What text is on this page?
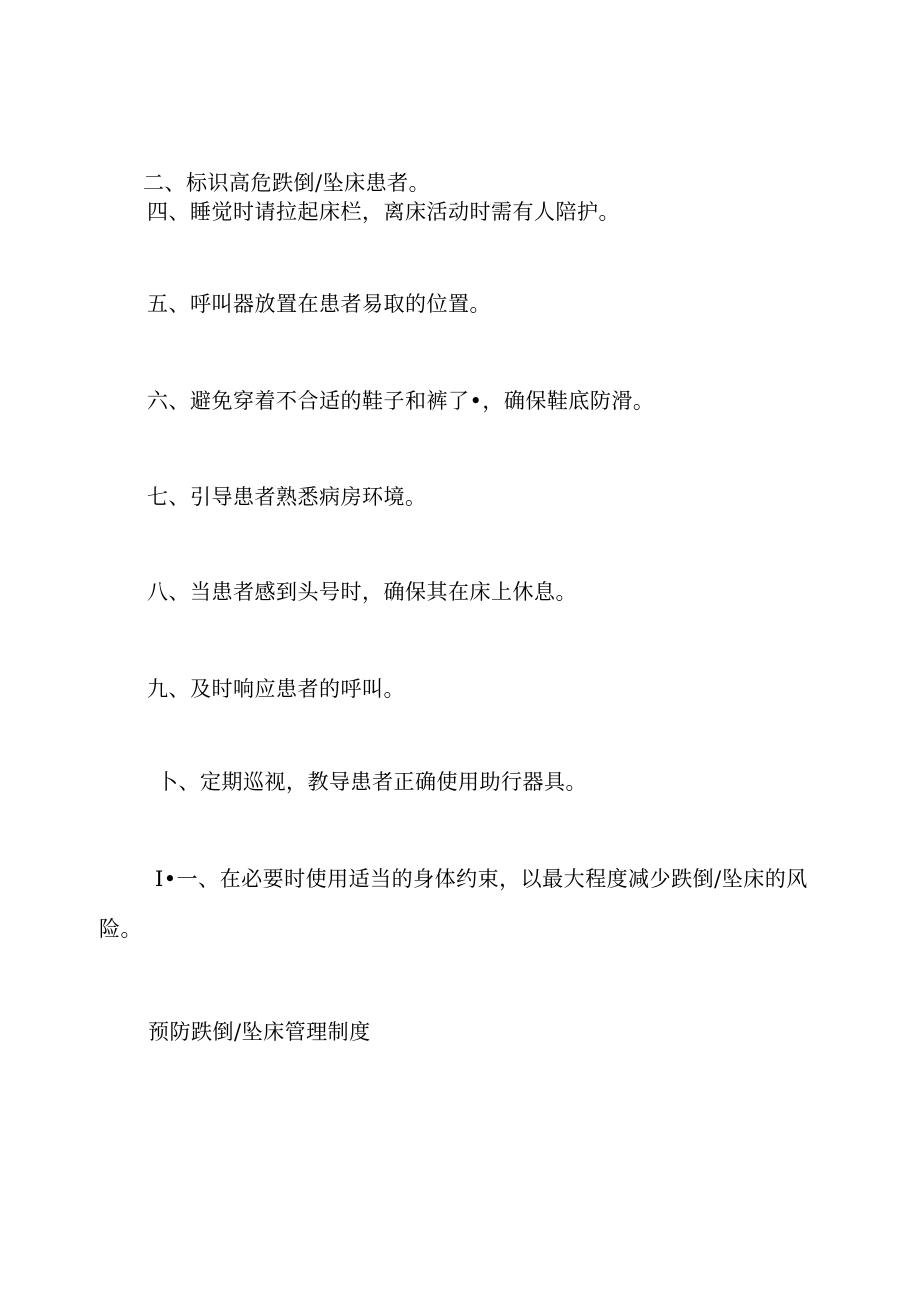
二、标识高危跌倒/坠床患者。
四、睡觉时请拉起床栏，离床活动时需有人陪护。
五、呼叫器放置在患者易取的位置。
六、避免穿着不合适的鞋子和裤了•，确保鞋底防滑。
七、引导患者熟悉病房环境。
八、当患者感到头号时，确保其在床上休息。
九、及时响应患者的呼叫。
卜、定期巡视，教导患者正确使用助行器具。
I•一、在必要时使用适当的身体约束，以最大程度减少跌倒/坠床的风
险。
预防跌倒/坠床管理制度
